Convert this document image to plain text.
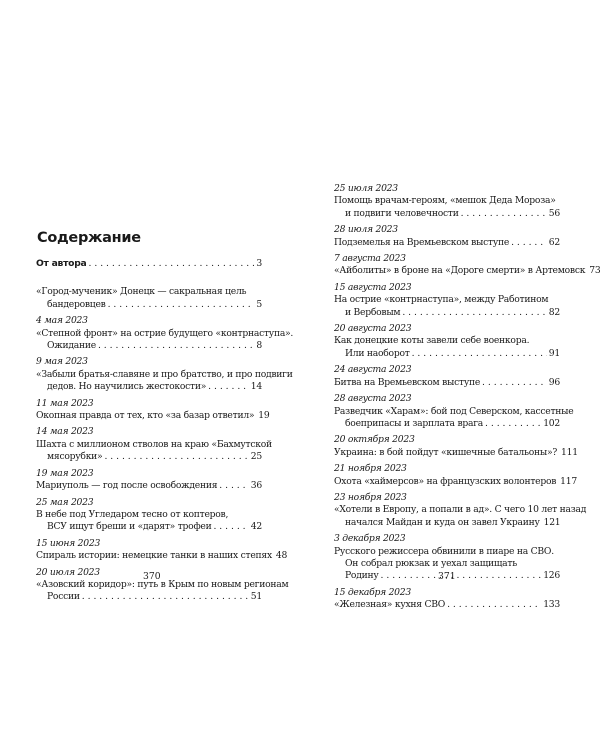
Содержание
От автора . . .	3
«Город-мученик» Донецк — сакральная цель
бандеровцев . . .	5
4 мая 2023
«Степной фронт» на острие будущего «контрнаступа».
Ожидание . . .	8
9 мая 2023
«Забыли братья-славяне и про братство, и про подвиги
дедов. Но научились жестокости» . . .	14
11 мая 2023
Окопная правда от тех, кто «за базар ответил» 19
14 мая 2023
Шахта с миллионом стволов на краю «Бахмутской
мясорубки» . . .	25
19 мая 2023
Мариуполь — год после освобождения . . .	36
25 мая 2023
В небе под Угледаром тесно от коптеров,
ВСУ ищут бреши и «дарят» трофеи . . .	42
15 июня 2023
Спираль истории: немецкие танки в наших степях 48
20 июля 2023
«Азовский коридор»: путь в Крым по новым регионам
России . . .	51
370
25 июля 2023
Помощь врачам-героям, «мешок Деда Мороза»
и подвиги человечности . . .	56
28 июля 2023
Подземелья на Времьевском выступе . . .	62
7 августа 2023
«Айболиты» в броне на «Дороге смерти» в Артемовск 73
15 августа 2023
На острие «контрнаступа», между Работином
и Вербовым . . .	82
20 августа 2023
Как донецкие коты завели себе военкора.
Или наоборот . . .	91
24 августа 2023
Битва на Времьевском выступе . . .	96
28 августа 2023
Разведчик «Харам»: бой под Северском, кассетные
боеприпасы и зарплата врага . . .	102
20 октября 2023
Украина: в бой пойдут «кишечные батальоны»? 111
21 ноября 2023
Охота «хаймерсов» на французских волонтеров 117
23 ноября 2023
«Хотели в Европу, а попали в ад». С чего 10 лет назад
начался Майдан и куда он завел Украину 121
3 декабря 2023
Русского режиссера обвинили в пиаре на СВО.
Он собрал рюкзак и уехал защищать
Родину . . .	126
15 декабря 2023
«Железная» кухня СВО . . .	133
371
